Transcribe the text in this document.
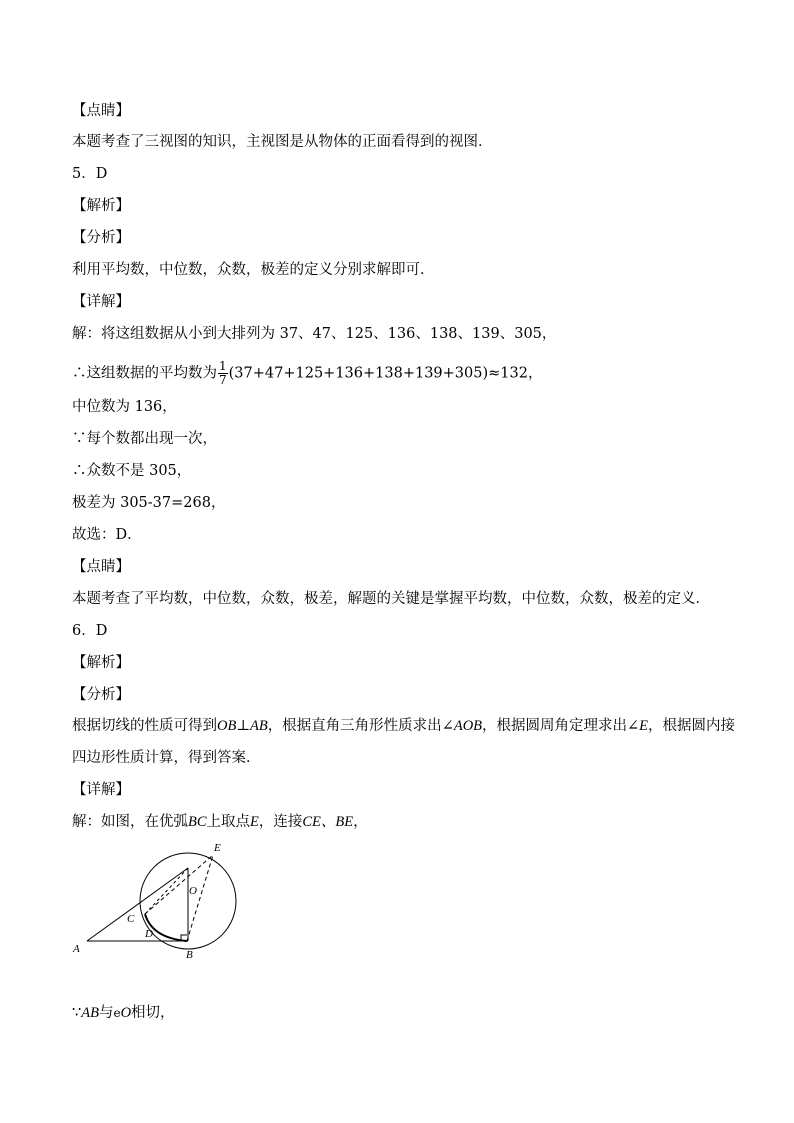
【点睛】
本题考查了三视图的知识，主视图是从物体的正面看得到的视图．
5．D
【解析】
【分析】
利用平均数，中位数，众数，极差的定义分别求解即可．
【详解】
解：将这组数据从小到大排列为 37、47、125、136、138、139、305，
∴这组数据的平均数为 $\frac{1}{7} (37+47+125+136+138+139+305)\approx 132$，
中位数为 136，
∵每个数都出现一次，
∴众数不是 305，
极差为 305-37=268，
故选：D．
【点睛】
本题考查了平均数，中位数，众数，极差，解题的关键是掌握平均数，中位数，众数，极差的定义．
6．D
【解析】
【分析】
根据切线的性质可得到OB⊥AB，根据直角三角形性质求出∠AOB，根据圆周角定理求出∠E，根据圆内接
四边形性质计算，得到答案．
【详解】
解：如图，在优弧BC上取点E，连接CE、BE，
E
O
C
D
A	B
∵AB与eO相切，
